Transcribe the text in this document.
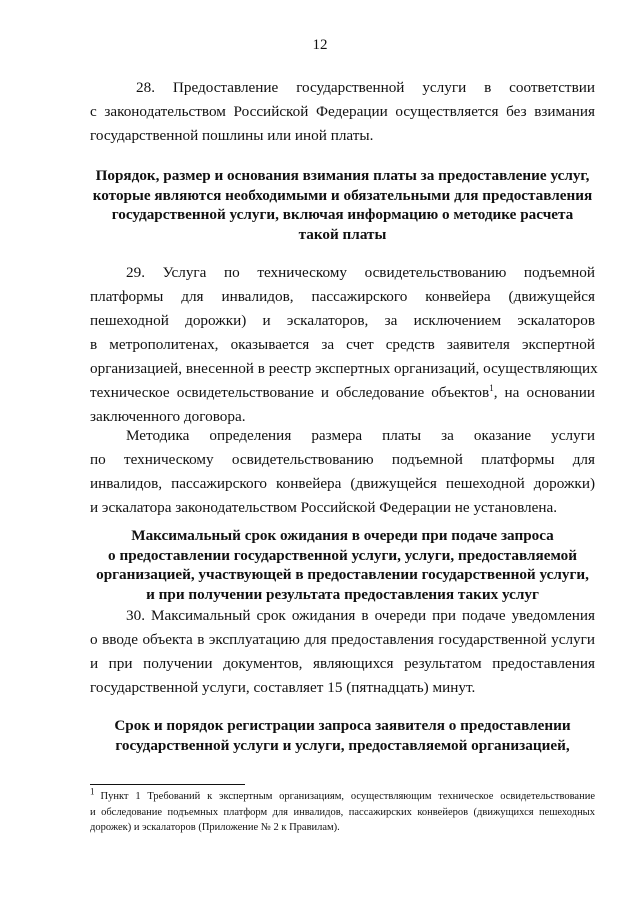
12

28. Предоставление государственной услуги в соответствии
с законодательством Российской Федерации осуществляется без взимания
государственной пошлины или иной платы.

Порядок, размер и основания взимания платы за предоставление услуг,
которые являются необходимыми и обязательными для предоставления
государственной услуги, включая информацию о методике расчета
такой платы

29. Услуга по техническому освидетельствованию подъемной
платформы для инвалидов, пассажирского конвейера (движущейся
пешеходной дорожки) и эскалаторов, за исключением эскалаторов
в метрополитенах, оказывается за счет средств заявителя экспертной
организацией, внесенной в реестр экспертных организаций, осуществляющих
техническое освидетельствование и обследование объектов$^1$, на основании
заключенного договора.

Методика определения размера платы за оказание услуги
по техническому освидетельствованию подъемной платформы для
инвалидов, пассажирского конвейера (движущейся пешеходной дорожки)
и эскалатора законодательством Российской Федерации не установлена.

Максимальный срок ожидания в очереди при подаче запроса
о предоставлении государственной услуги, услуги, предоставляемой
организацией, участвующей в предоставлении государственной услуги,
и при получении результата предоставления таких услуг

30. Максимальный срок ожидания в очереди при подаче уведомления
о вводе объекта в эксплуатацию для предоставления государственной услуги
и при получении документов, являющихся результатом предоставления
государственной услуги, составляет 15 (пятнадцать) минут.

Срок и порядок регистрации запроса заявителя о предоставлении
государственной услуги и услуги, предоставляемой организацией,

$^1$ Пункт 1 Требований к экспертным организациям, осуществляющим техническое освидетельствование
и обследование подъемных платформ для инвалидов, пассажирских конвейеров (движущихся пешеходных
дорожек) и эскалаторов (Приложение № 2 к Правилам).
